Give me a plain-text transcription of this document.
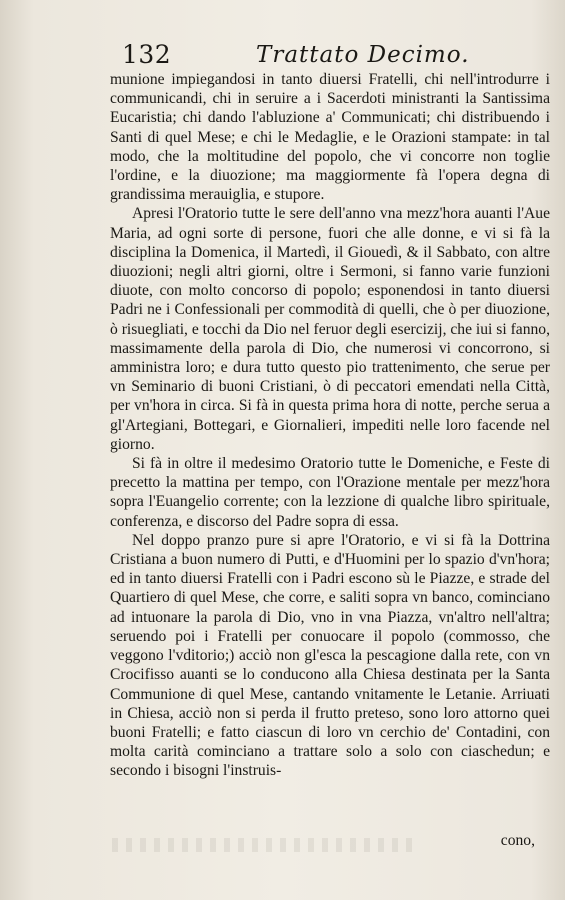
132	Trattato Decimo.

munione impiegandosi in tanto diuersi Fratelli, chi nell'introdurre i communicandi, chi in seruire a i Sacerdoti ministranti la Santissima Eucaristia; chi dando l'abluzione a' Communicati; chi distribuendo i Santi di quel Mese; e chi le Medaglie, e le Orazioni stampate: in tal modo, che la moltitudine del popolo, che vi concorre non toglie l'ordine, e la diuozione; ma maggiormente fà l'opera degna di grandissima merauiglia, e stupore.

Apresi l'Oratorio tutte le sere dell'anno vna mezz'hora auanti l'Aue Maria, ad ogni sorte di persone, fuori che alle donne, e vi si fà la disciplina la Domenica, il Martedì, il Giouedì, & il Sabbato, con altre diuozioni; negli altri giorni, oltre i Sermoni, si fanno varie funzioni diuote, con molto concorso di popolo; esponendosi in tanto diuersi Padri ne i Confessionali per commodità di quelli, che ò per diuozione, ò risuegliati, e tocchi da Dio nel feruor degli esercizij, che iui si fanno, massimamente della parola di Dio, che numerosi vi concorrono, si amministra loro; e dura tutto questo pio trattenimento, che serue per vn Seminario di buoni Cristiani, ò di peccatori emendati nella Città, per vn'hora in circa. Si fà in questa prima hora di notte, perche serua a gl'Artegiani, Bottegari, e Giornalieri, impediti nelle loro facende nel giorno.

Si fà in oltre il medesimo Oratorio tutte le Domeniche, e Feste di precetto la mattina per tempo, con l'Orazione mentale per mezz'hora sopra l'Euangelio corrente; con la lezzione di qualche libro spirituale, conferenza, e discorso del Padre sopra di essa.

Nel doppo pranzo pure si apre l'Oratorio, e vi si fà la Dottrina Cristiana a buon numero di Putti, e d'Huomini per lo spazio d'vn'hora; ed in tanto diuersi Fratelli con i Padri escono sù le Piazze, e strade del Quartiero di quel Mese, che corre, e saliti sopra vn banco, cominciano ad intuonare la parola di Dio, vno in vna Piazza, vn'altro nell'altra; seruendo poi i Fratelli per conuocare il popolo (commosso, che veggono l'vditorio;) acciò non gl'esca la pescagione dalla rete, con vn Crocifisso auanti se lo conducono alla Chiesa destinata per la Santa Communione di quel Mese, cantando vnitamente le Letanie. Arriuati in Chiesa, acciò non si perda il frutto preteso, sono loro attorno quei buoni Fratelli; e fatto ciascun di loro vn cerchio de' Contadini, con molta carità cominciano a trattare solo a solo con ciaschedun; e secondo i bisogni l'instruis-

cono,
